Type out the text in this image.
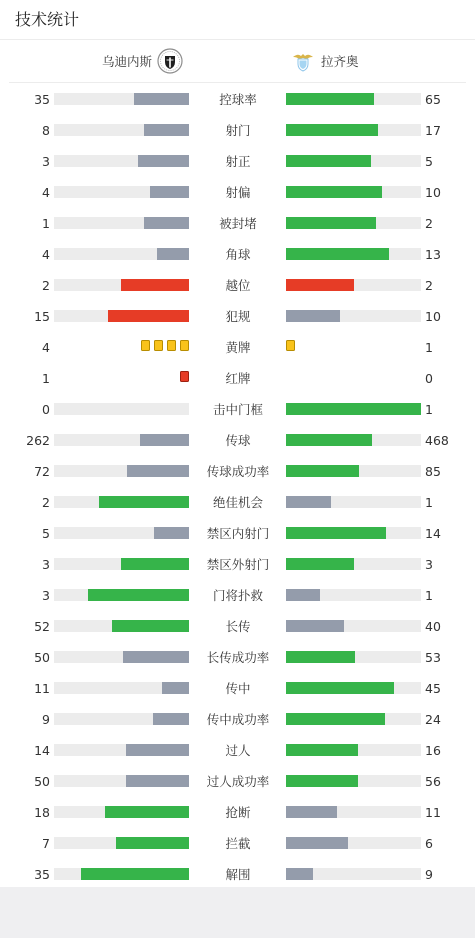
技术统计
乌迪内斯	拉齐奥
35	控球率	65
8	射门	17
3	射正	5
4	射偏	10
1	被封堵	2
4	角球	13
2	越位	2
15	犯规	10
4	黄牌	1
1	红牌	0
0	击中门框	1
262	传球	468
72	传球成功率	85
2	绝佳机会	1
5	禁区内射门	14
3	禁区外射门	3
3	门将扑救	1
52	长传	40
50	长传成功率	53
11	传中	45
9	传中成功率	24
14	过人	16
50	过人成功率	56
18	抢断	11
7	拦截	6
35	解围	9
